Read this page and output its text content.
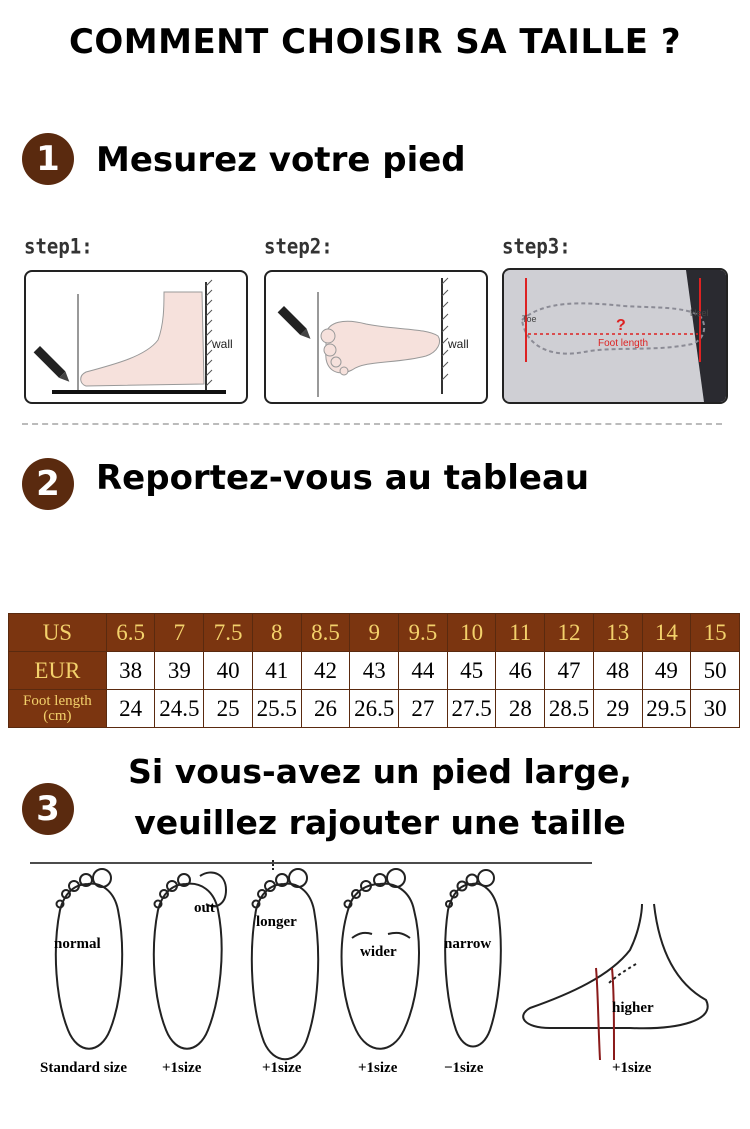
COMMENT CHOISIR SA TAILLE ?
1	Mesurez votre pied
step1:	step2:	step3:
wall	wall
Toe
Heel
?
Foot length
2	Reportez-vous au tableau
US	6.5	7	7.5	8	8.5	9	9.5	10	11	12	13	14	15
EUR	38	39	40	41	42	43	44	45	46	47	48	49	50
Foot length
(cm)	24	24.5	25	25.5	26	26.5	27	27.5	28	28.5	29	29.5	30
3
Si vous-avez un pied large,
veuillez rajouter une taille
normal
out
longer
wider	narrow
higher
Standard size +1size	+1size	+1size	−1size	+1size
